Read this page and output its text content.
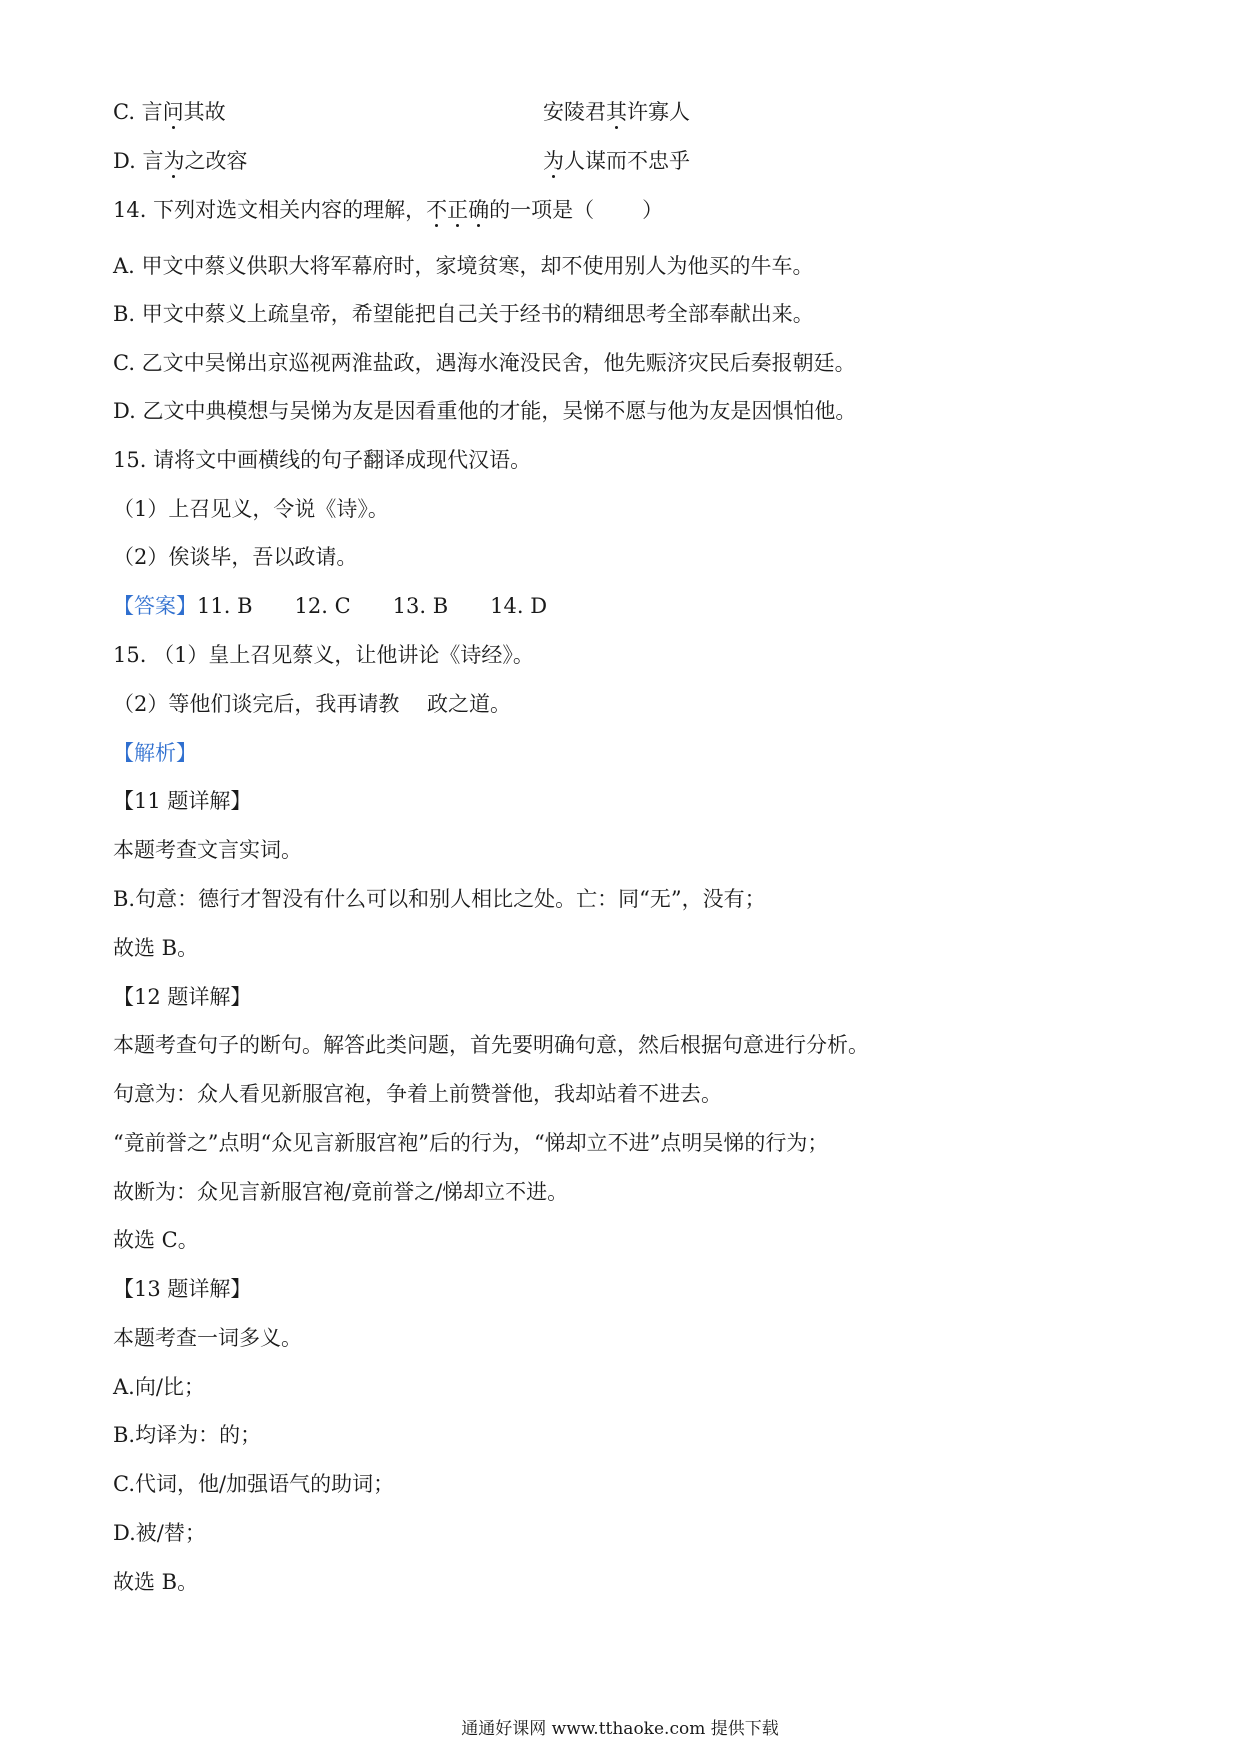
C. 言问其故	安陵君其许寡人
D. 言为之改容	为人谋而不忠乎
14. 下列对选文相关内容的理解，不正确的一项是（ ）
A. 甲文中蔡义供职大将军幕府时，家境贫寒，却不使用别人为他买的牛车。
B. 甲文中蔡义上疏皇帝，希望能把自己关于经书的精细思考全部奉献出来。
C. 乙文中吴悌出京巡视两淮盐政，遇海水淹没民舍，他先赈济灾民后奏报朝廷。
D. 乙文中典模想与吴悌为友是因看重他的才能，吴悌不愿与他为友是因惧怕他。
15. 请将文中画横线的句子翻译成现代汉语。
（1）上召见义，令说《诗》。
（2）俟谈毕，吾以政请。
【答案】11. B 12. C 13. B 14. D
15. （1）皇上召见蔡义，让他讲论《诗经》。
（2）等他们谈完后，我再请教 　政之道。
【解析】
【11 题详解】
本题考查文言实词。
B.句意：德行才智没有什么可以和别人相比之处。亡：同“无”，没有；
故选 B。
【12 题详解】
本题考查句子的断句。解答此类问题，首先要明确句意，然后根据句意进行分析。
句意为：众人看见新服宫袍，争着上前赞誉他，我却站着不进去。
“竟前誉之”点明“众见言新服宫袍”后的行为，“悌却立不进”点明吴悌的行为；
故断为：众见言新服宫袍/竟前誉之/悌却立不进。
故选 C。
【13 题详解】
本题考查一词多义。
A.向/比；
B.均译为：的；
C.代词，他/加强语气的助词；
D.被/替；
故选 B。
通通好课网 www.tthaoke.com 提供下载
